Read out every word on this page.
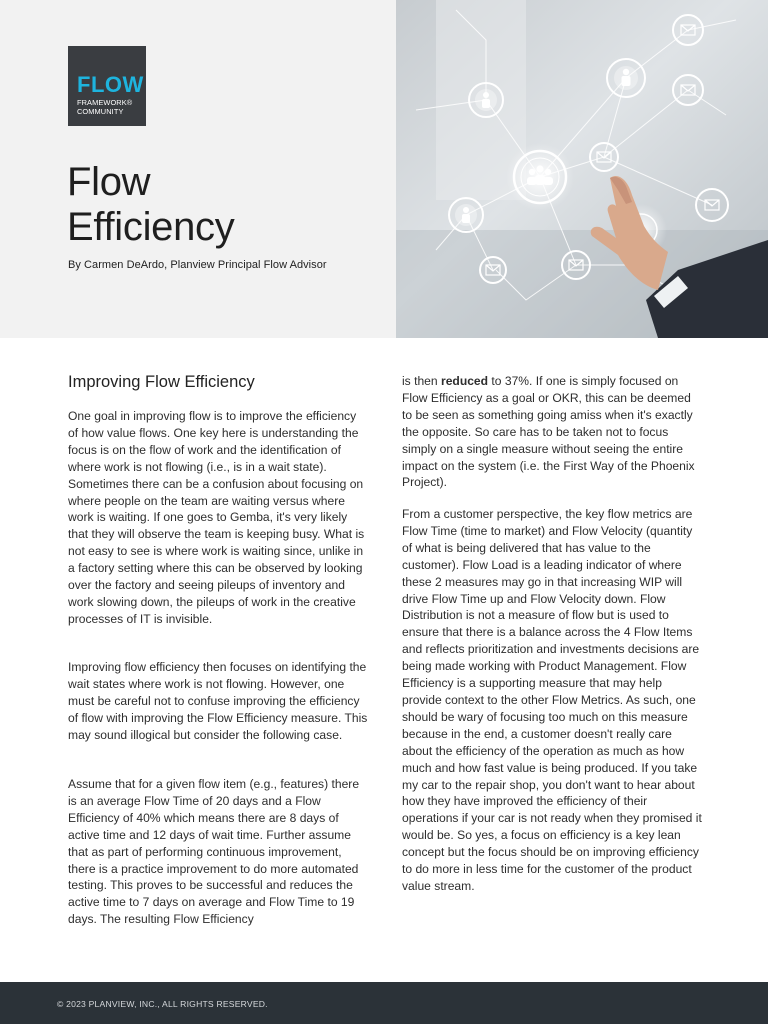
FLOW
FRAMEWORK®
COMMUNITY
Flow
Efficiency
By Carmen DeArdo, Planview Principal Flow Advisor
Improving Flow Efficiency

One goal in improving flow is to improve the efficiency of how value flows. One key here is understanding the focus is on the flow of work and the identification of where work is not flowing (i.e., is in a wait state). Sometimes there can be a confusion about focusing on where people on the team are waiting versus where work is waiting. If one goes to Gemba, it's very likely that they will observe the team is keeping busy. What is not easy to see is where work is waiting since, unlike in a factory setting where this can be observed by looking over the factory and seeing pileups of inventory and work slowing down, the pileups of work in the creative processes of IT is invisible.

Improving flow efficiency then focuses on identifying the wait states where work is not flowing. However, one must be careful not to confuse improving the efficiency of flow with improving the Flow Efficiency measure. This may sound illogical but consider the following case.

Assume that for a given flow item (e.g., features) there is an average Flow Time of 20 days and a Flow Efficiency of 40% which means there are 8 days of active time and 12 days of wait time. Further assume that as part of performing continuous improvement, there is a practice improvement to do more automated testing. This proves to be successful and reduces the active time to 7 days on average and Flow Time to 19 days. The resulting Flow Efficiency

is then reduced to 37%. If one is simply focused on Flow Efficiency as a goal or OKR, this can be deemed to be seen as something going amiss when it's exactly the opposite. So care has to be taken not to focus simply on a single measure without seeing the entire impact on the system (i.e. the First Way of the Phoenix Project).

From a customer perspective, the key flow metrics are Flow Time (time to market) and Flow Velocity (quantity of what is being delivered that has value to the customer). Flow Load is a leading indicator of where these 2 measures may go in that increasing WIP will drive Flow Time up and Flow Velocity down. Flow Distribution is not a measure of flow but is used to ensure that there is a balance across the 4 Flow Items and reflects prioritization and investments decisions are being made working with Product Management. Flow Efficiency is a supporting measure that may help provide context to the other Flow Metrics. As such, one should be wary of focusing too much on this measure because in the end, a customer doesn't really care about the efficiency of the operation as much as how much and how fast value is being produced. If you take my car to the repair shop, you don't want to hear about how they have improved the efficiency of their operations if your car is not ready when they promised it would be. So yes, a focus on efficiency is a key lean concept but the focus should be on improving efficiency to do more in less time for the customer of the product value stream.

© 2023 PLANVIEW, INC., ALL RIGHTS RESERVED.
